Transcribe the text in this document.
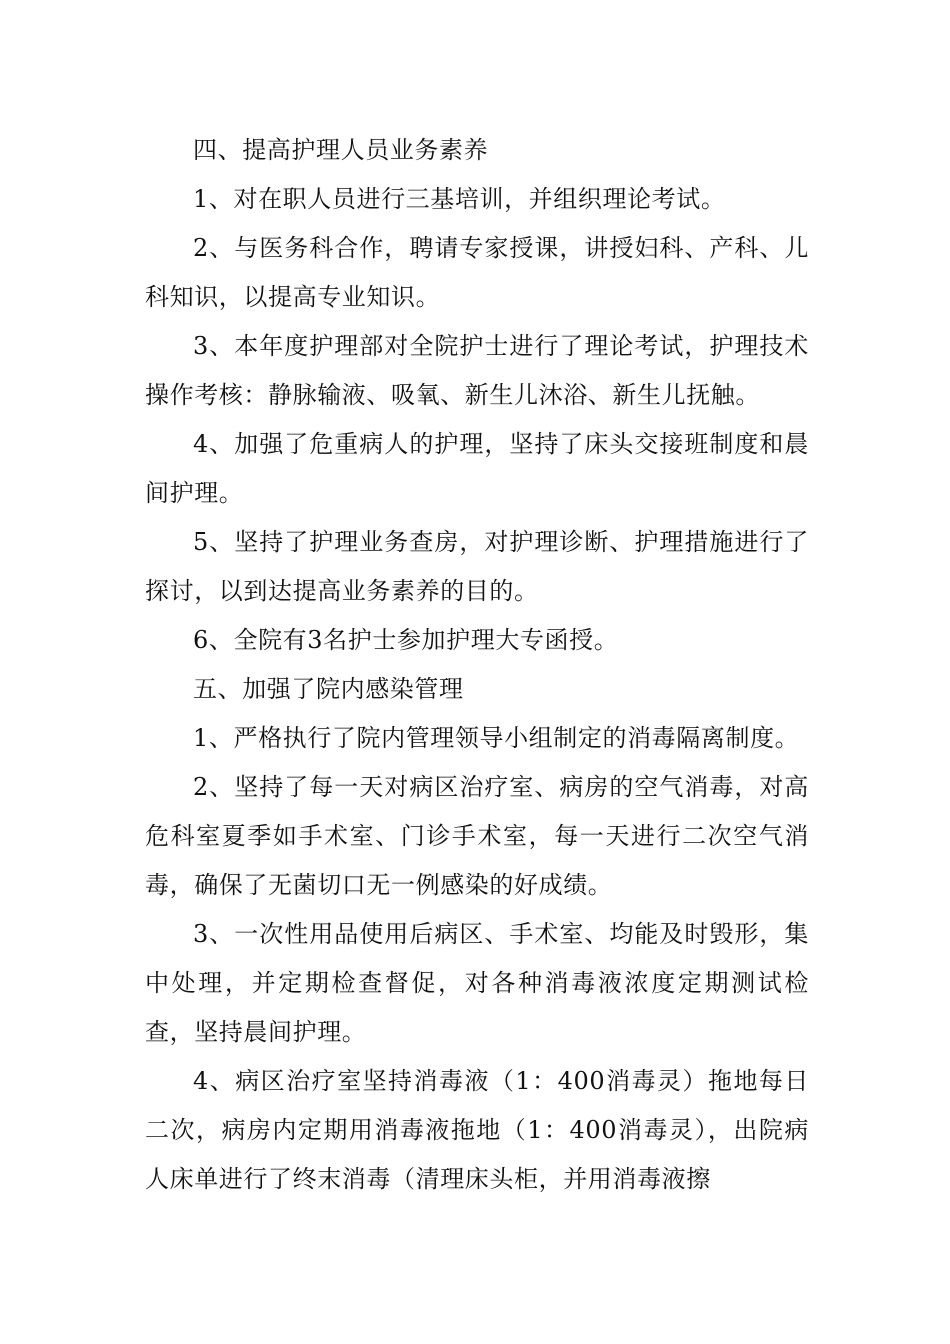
四、提高护理人员业务素养

1、对在职人员进行三基培训，并组织理论考试。

2、与医务科合作，聘请专家授课，讲授妇科、产科、儿科知识，以提高专业知识。

3、本年度护理部对全院护士进行了理论考试，护理技术操作考核：静脉输液、吸氧、新生儿沐浴、新生儿抚触。

4、加强了危重病人的护理，坚持了床头交接班制度和晨间护理。

5、坚持了护理业务查房，对护理诊断、护理措施进行了探讨，以到达提高业务素养的目的。

6、全院有3名护士参加护理大专函授。

五、加强了院内感染管理

1、严格执行了院内管理领导小组制定的消毒隔离制度。

2、坚持了每一天对病区治疗室、病房的空气消毒，对高危科室夏季如手术室、门诊手术室，每一天进行二次空气消毒，确保了无菌切口无一例感染的好成绩。

3、一次性用品使用后病区、手术室、均能及时毁形，集中处理，并定期检查督促，对各种消毒液浓度定期测试检查，坚持晨间护理。

4、病区治疗室坚持消毒液（1：400消毒灵）拖地每日二次，病房内定期用消毒液拖地（1：400消毒灵），出院病人床单进行了终末消毒（清理床头柜，并用消毒液擦
